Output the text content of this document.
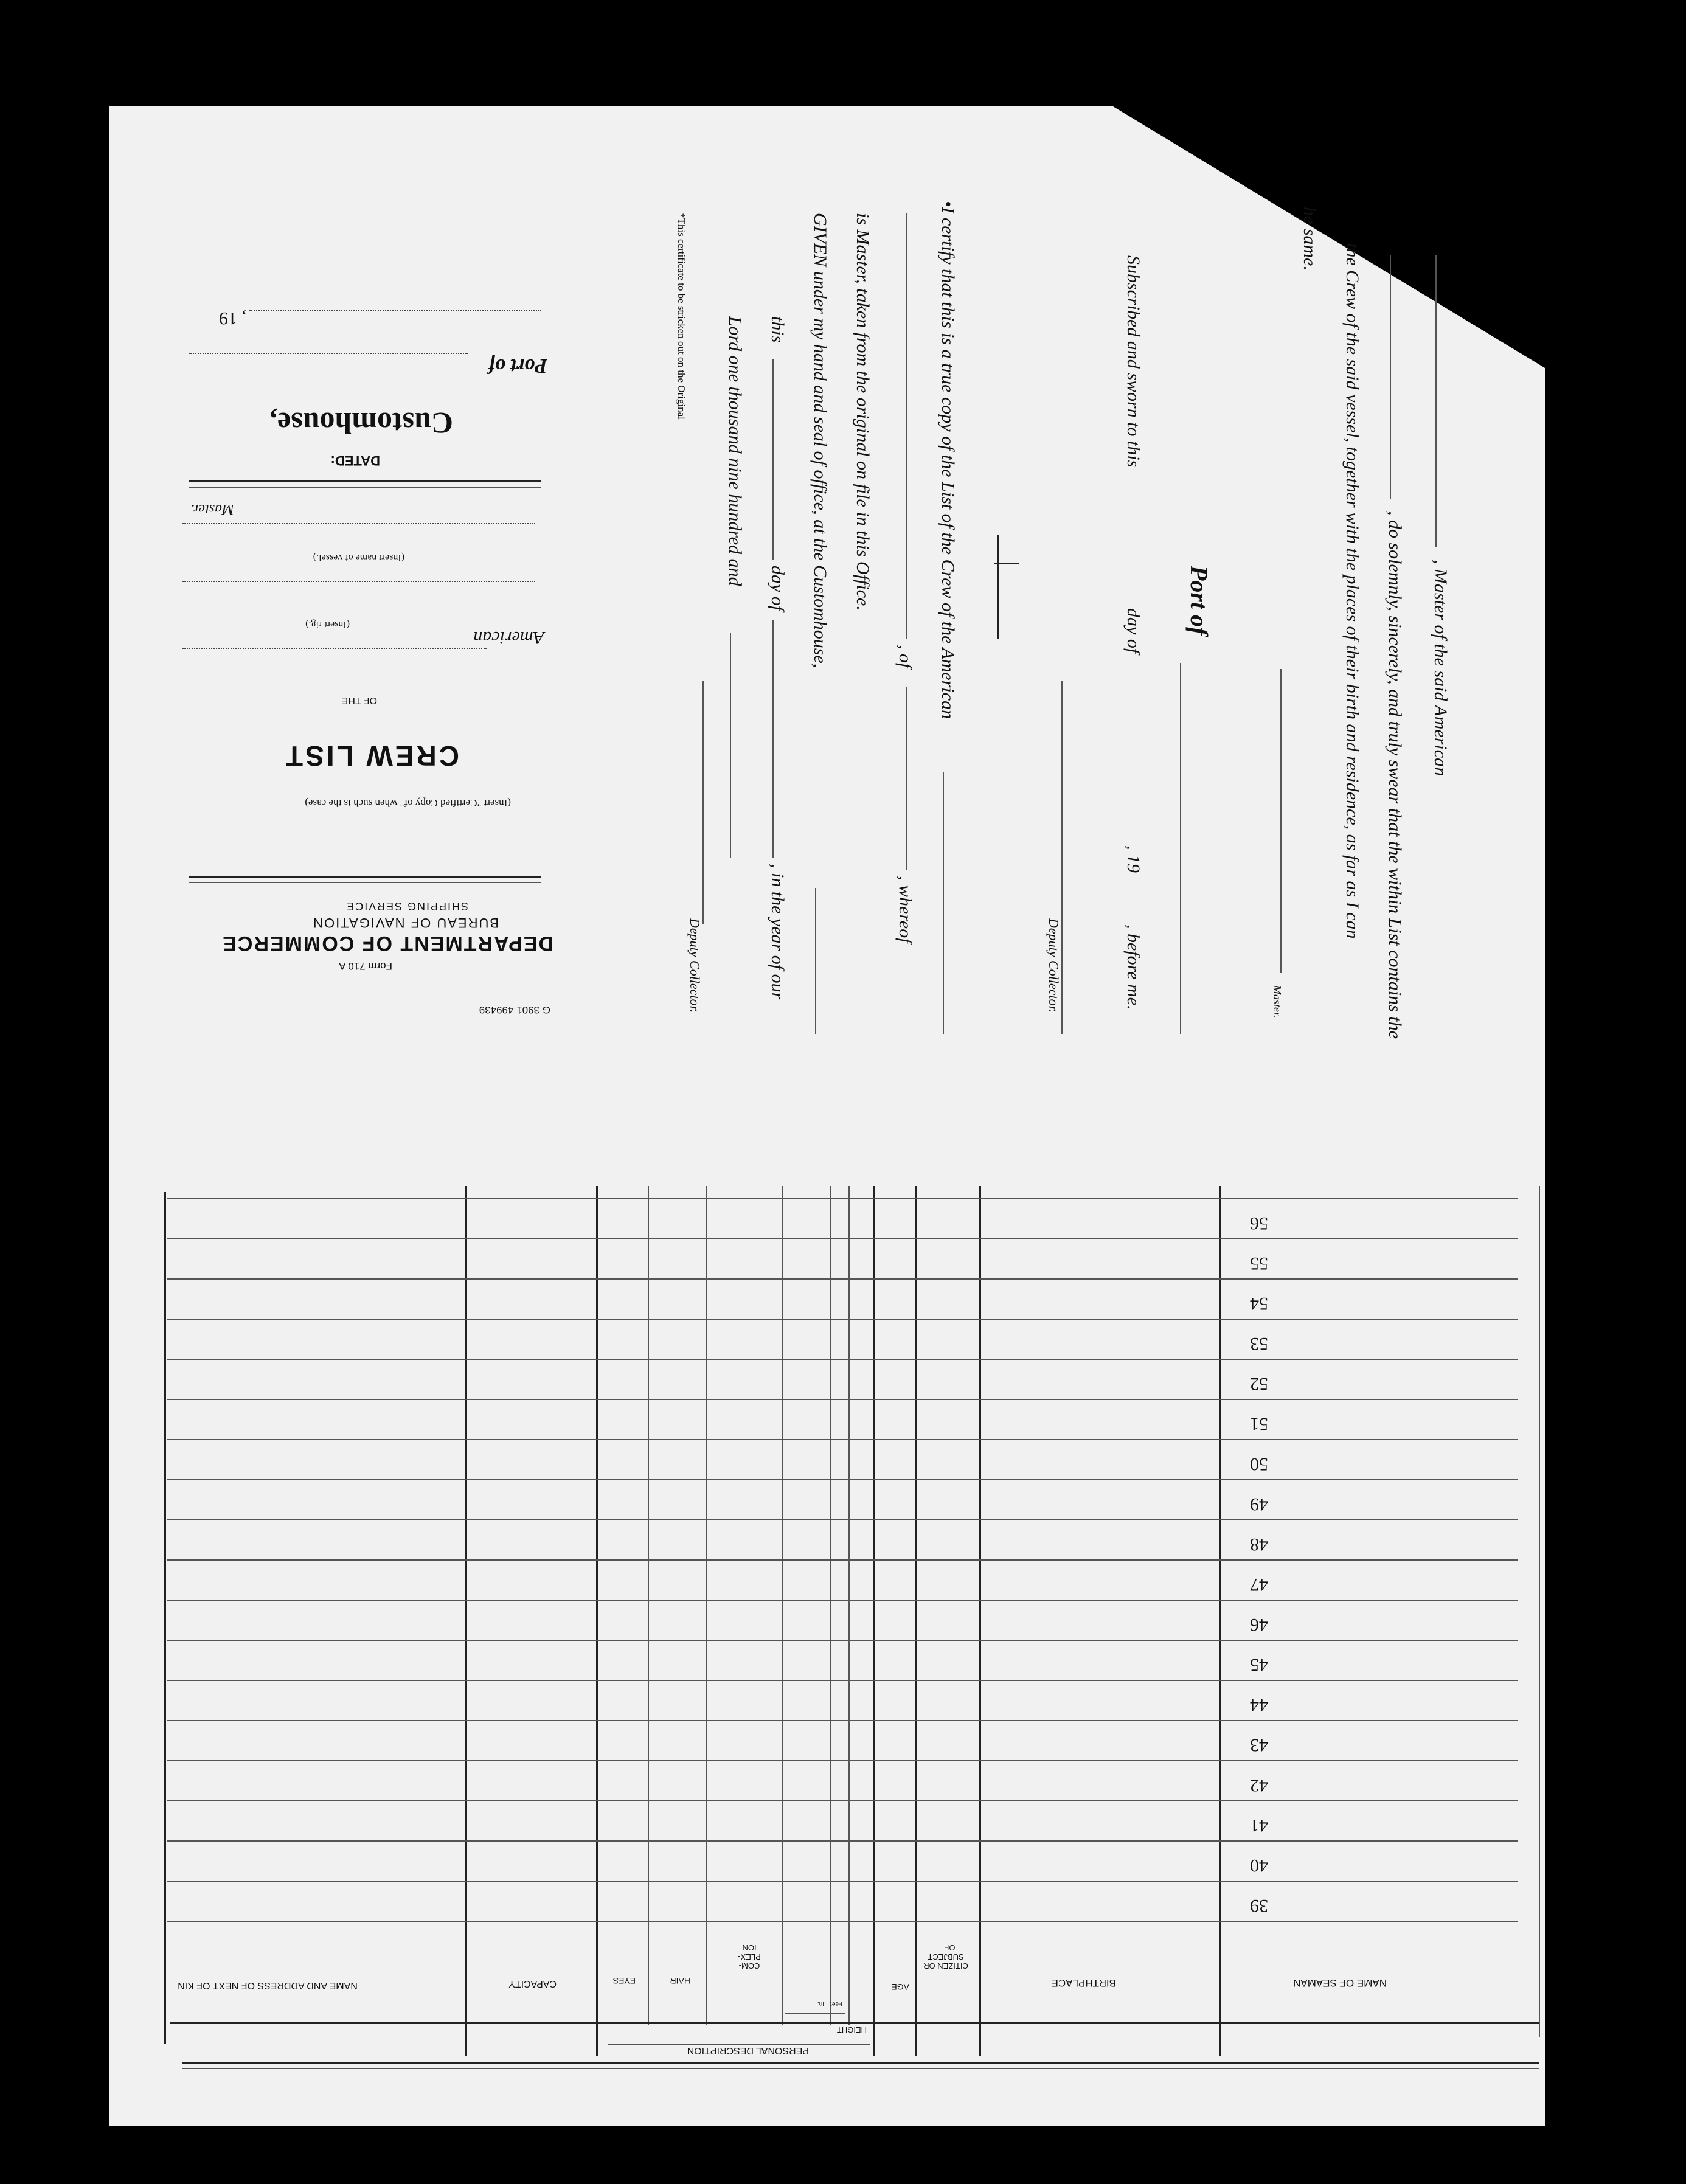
G 3901 499439
Form 710 A
DEPARTMENT OF COMMERCE
BUREAU OF NAVIGATION
SHIPPING SERVICE
(Insert "Certified Copy of" when such is the case)
CREW LIST
OF THE
American
(Insert rig.)
(Insert name of vessel.)
Master.
DATED:
Customhouse,
Port of
, 19	*This certificate to be stricken out on the Original
, Master of the said American
, do solemnly, sincerely, and truly swear that the within List contains the
the Crew of the said vessel, together with the places of their birth and residence, as far as I can
he same.
Master.
Port of
Subscribed and sworn to this
day of
, 19
, before me.
Deputy Collector.
•I certify that this is a true copy of the List of the Crew of the American
, of
, whereof
is Master, taken from the original on file in this Office.
GIVEN under my hand and seal of office, at the Customhouse,
this
day of
, in the year of our
Lord one thousand nine hundred and
Deputy Collector.
NAME OF SEAMAN
BIRTHPLACE
CITIZEN OR SUBJECT OF—
AGE
PERSONAL DESCRIPTION
HEIGHT
Feet
In.
COM-PLEX-ION
HAIR
EYES
CAPACITY
NAME AND ADDRESS OF NEXT OF KIN
39
40
41
42
43
44
45
46
47
48
49
50
51
52
53
54
55
56
